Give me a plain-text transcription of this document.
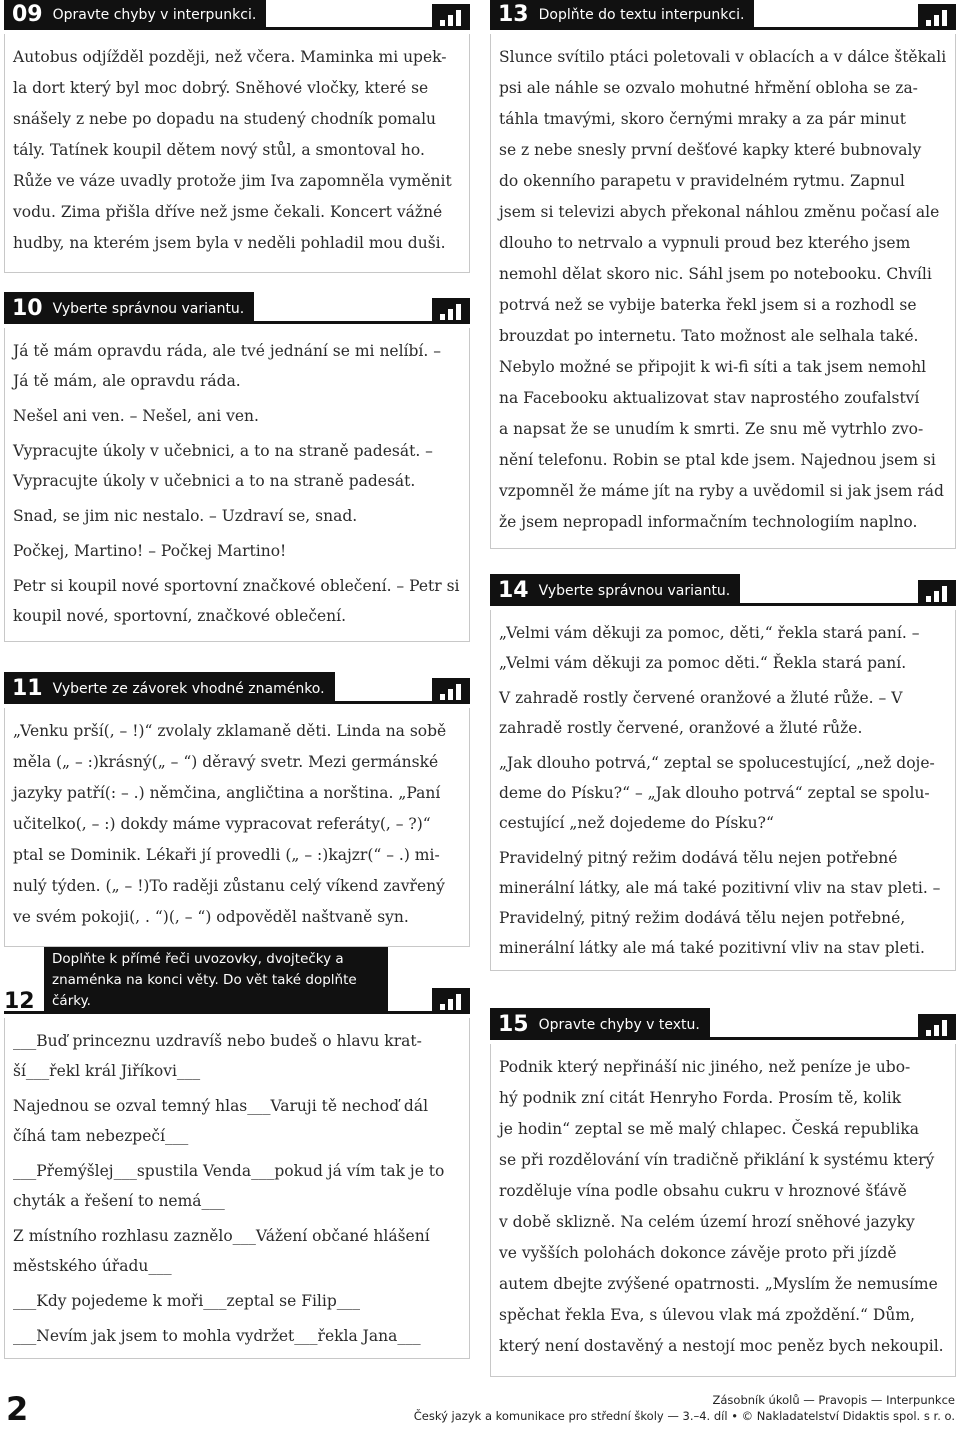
09 Opravte chyby v interpunkci.
Autobus odjížděl později, než včera. Maminka mi upek-
la dort který byl moc dobrý. Sněhové vločky, které se
snášely z nebe po dopadu na studený chodník pomalu
tály. Tatínek koupil dětem nový stůl, a smontoval ho.
Růže ve váze uvadly protože jim Iva zapomněla vyměnit
vodu. Zima přišla dříve než jsme čekali. Koncert vážné
hudby, na kterém jsem byla v neděli pohladil mou duši.
10 Vyberte správnou variantu.

Já tě mám opravdu ráda, ale tvé jednání se mi nelíbí. – Já tě mám, ale opravdu ráda.

Nešel ani ven. – Nešel, ani ven.

Vypracujte úkoly v učebnici, a to na straně padesát. – Vypracujte úkoly v učebnici a to na straně padesát.

Snad, se jim nic nestalo. – Uzdraví se, snad.

Počkej, Martino! – Počkej Martino!

Petr si koupil nové sportovní značkové oblečení. – Petr si koupil nové, sportovní, značkové oblečení.

11 Vyberte ze závorek vhodné znaménko.
„Venku prší(, – !)“ zvolaly zklamaně děti. Linda na sobě
měla („ – :)krásný(„ – “) děravý svetr. Mezi germánské
jazyky patří(: – .) němčina, angličtina a norština. „Paní
učitelko(, – :) dokdy máme vypracovat referáty(, – ?)“
ptal se Dominik. Lékaři jí provedli („ – :)kajzr(“ – .) mi-
nulý týden. („ – !)To raději zůstanu celý víkend zavřený
ve svém pokoji(, . “)(, – “) odpověděl naštvaně syn.
12
Doplňte k přímé řeči uvozovky, dvojtečky a znaménka na konci věty. Do vět také doplňte čárky.

___Buď princeznu uzdravíš nebo budeš o hlavu krat- ší___řekl král Jiříkovi___

Najednou se ozval temný hlas___Varuji tě nechoď dál číhá tam nebezpečí___

___Přemýšlej___spustila Venda___pokud já vím tak je to chyták a řešení to nemá___

Z místního rozhlasu zaznělo___Vážení občané hlášení městského úřadu___

___Kdy pojedeme k moři___zeptal se Filip___

___Nevím jak jsem to mohla vydržet___řekla Jana___

13 Doplňte do textu interpunkci.
Slunce svítilo ptáci poletovali v oblacích a v dálce štěkali
psi ale náhle se ozvalo mohutné hřmění obloha se za-
táhla tmavými, skoro černými mraky a za pár minut
se z nebe snesly první dešťové kapky které bubnovaly
do okenního parapetu v pravidelném rytmu. Zapnul
jsem si televizi abych překonal náhlou změnu počasí ale
dlouho to netrvalo a vypnuli proud bez kterého jsem
nemohl dělat skoro nic. Sáhl jsem po notebooku. Chvíli
potrvá než se vybije baterka řekl jsem si a rozhodl se
brouzdat po internetu. Tato možnost ale selhala také.
Nebylo možné se připojit k wi-fi síti a tak jsem nemohl
na Facebooku aktualizovat stav naprostého zoufalství
a napsat že se unudím k smrti. Ze snu mě vytrhlo zvo-
nění telefonu. Robin se ptal kde jsem. Najednou jsem si
vzpomněl že máme jít na ryby a uvědomil si jak jsem rád
že jsem nepropadl informačním technologiím naplno.
14 Vyberte správnou variantu.

„Velmi vám děkuji za pomoc, děti,“ řekla stará paní. – „Velmi vám děkuji za pomoc děti.“ Řekla stará paní.

V zahradě rostly červené oranžové a žluté růže. – V zahradě rostly červené, oranžové a žluté růže.

„Jak dlouho potrvá,“ zeptal se spolucestující, „než doje- deme do Písku?“ – „Jak dlouho potrvá“ zeptal se spolu- cestující „než dojedeme do Písku?“

Pravidelný pitný režim dodává tělu nejen potřebné minerální látky, ale má také pozitivní vliv na stav pleti. – Pravidelný, pitný režim dodává tělu nejen potřebné, minerální látky ale má také pozitivní vliv na stav pleti.

15 Opravte chyby v textu.
Podnik který nepřináší nic jiného, než peníze je ubo-
hý podnik zní citát Henryho Forda. Prosím tě, kolik
je hodin“ zeptal se mě malý chlapec. Česká republika
se při rozdělování vín tradičně přiklání k systému který
rozděluje vína podle obsahu cukru v hroznové šťávě
v době sklizně. Na celém území hrozí sněhové jazyky
ve vyšších polohách dokonce závěje proto při jízdě
autem dbejte zvýšené opatrnosti. „Myslím že nemusíme
spěchat řekla Eva, s úlevou vlak má zpoždění.“ Dům,
který není dostavěný a nestojí moc peněz bych nekoupil.
2	Zásobník úkolů — Pravopis — Interpunkce
Český jazyk a komunikace pro střední školy — 3.–4. díl • © Nakladatelství Didaktis spol. s r. o.
